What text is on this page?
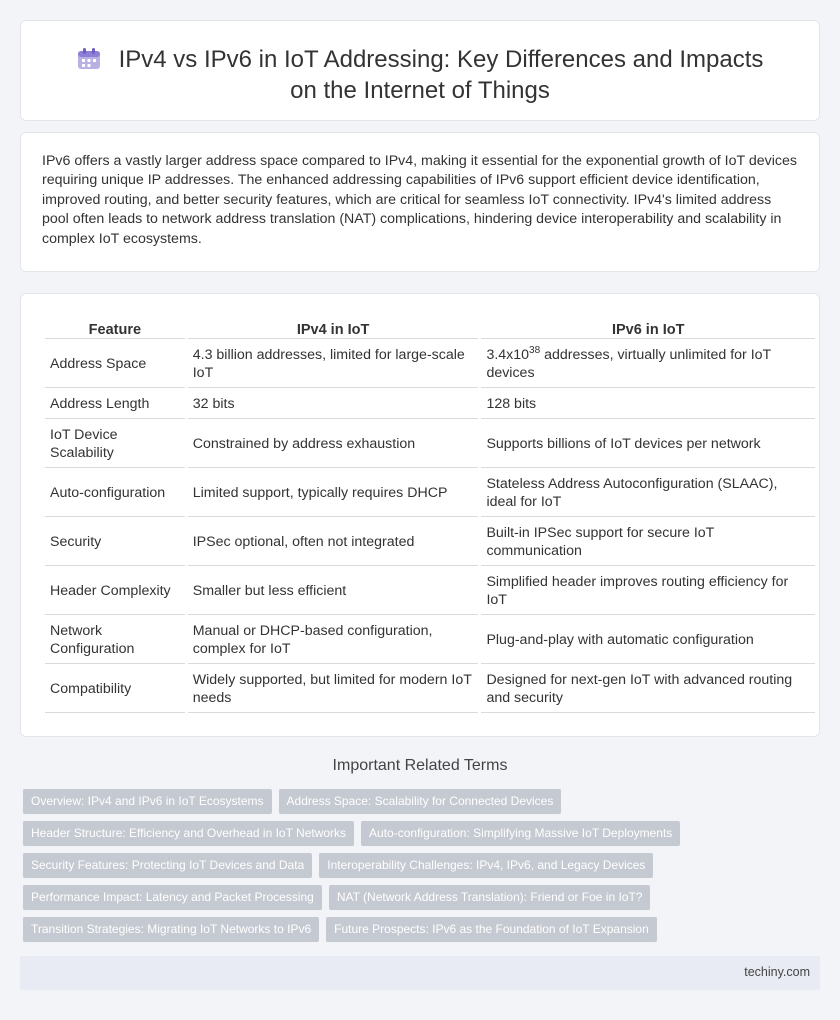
IPv4 vs IPv6 in IoT Addressing: Key Differences and Impacts on the Internet of Things

IPv6 offers a vastly larger address space compared to IPv4, making it essential for the exponential growth of IoT devices requiring unique IP addresses. The enhanced addressing capabilities of IPv6 support efficient device identification, improved routing, and better security features, which are critical for seamless IoT connectivity. IPv4's limited address pool often leads to network address translation (NAT) complications, hindering device interoperability and scalability in complex IoT ecosystems.

Feature	IPv4 in IoT	IPv6 in IoT
Address Space	4.3 billion addresses, limited for large-scale IoT	$3.4x10^{38}$ addresses, virtually unlimited for IoT devices
Address Length	32 bits	128 bits
IoT Device Scalability	Constrained by address exhaustion	Supports billions of IoT devices per network
Auto-configuration	Limited support, typically requires DHCP	Stateless Address Autoconfiguration (SLAAC), ideal for IoT
Security	IPSec optional, often not integrated	Built-in IPSec support for secure IoT communication
Header Complexity	Smaller but less efficient	Simplified header improves routing efficiency for IoT
Network Configuration	Manual or DHCP-based configuration, complex for IoT	Plug-and-play with automatic configuration
Compatibility	Widely supported, but limited for modern IoT needs	Designed for next-gen IoT with advanced routing and security
Important Related Terms
Overview: IPv4 and IPv6 in IoT Ecosystems Address Space: Scalability for Connected Devices
Header Structure: Efficiency and Overhead in IoT Networks Auto-configuration: Simplifying Massive IoT Deployments
Security Features: Protecting IoT Devices and Data Interoperability Challenges: IPv4, IPv6, and Legacy Devices
Performance Impact: Latency and Packet Processing NAT (Network Address Translation): Friend or Foe in IoT?
Transition Strategies: Migrating IoT Networks to IPv6 Future Prospects: IPv6 as the Foundation of IoT Expansion
techiny.com
